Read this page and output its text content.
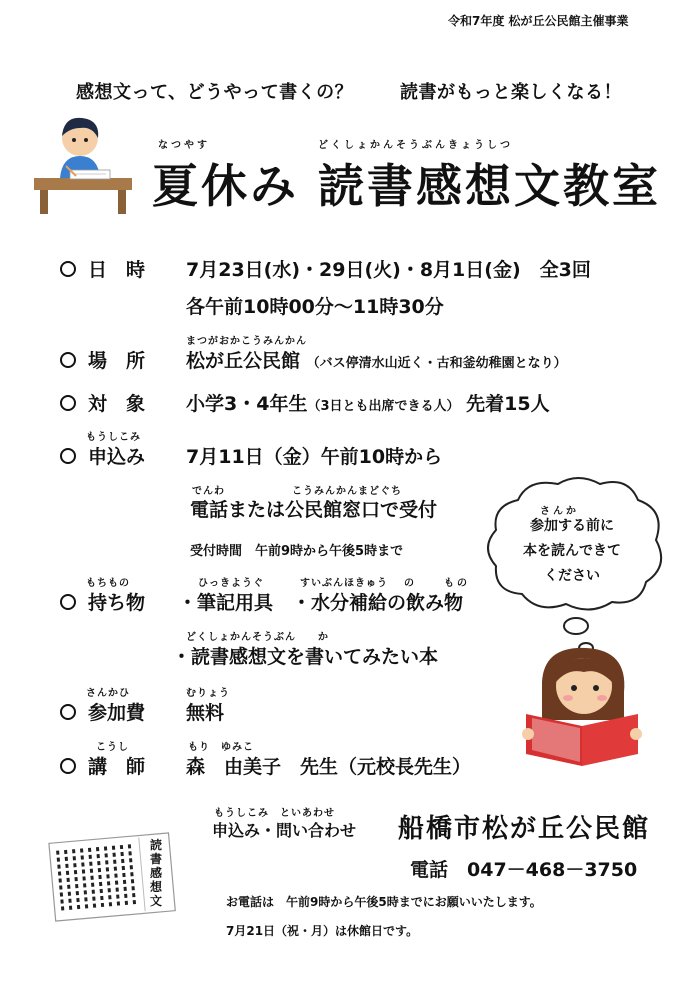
令和7年度 松が丘公民館主催事業
感想文って、どうやって書くの？	読書がもっと楽しくなる！
なつやす	どくしょかんそうぶんきょうしつ
夏休み 読書感想文教室
日　時 7月23日(水)・29日(火)・8月1日(金)　全3回
各午前10時00分～11時30分
まつがおかこうみんかん
場　所 松が丘公民館 （バス停清水山近く・古和釜幼稚園となり）
対　象 小学3・4年生（3日とも出席できる人） 先着15人
もうしこみ
申込み 7月11日（金）午前10時から
でんわ	こうみんかんまどぐち
電話または公民館窓口で受付
受付時間　午前9時から午後5時まで
もちもの
持ち物
ひっきようぐ	すいぶんほきゅう の	もの
・筆記用具　・水分補給の飲み物
どくしょかんそうぶん か
・読書感想文を書いてみたい本
さんかひ	むりょう
参加費 無料
こうし	もり　ゆみこ
講　師 森　由美子　先生（元校長先生）
さんか
参加する前に
本を読んできて
ください
読書感想文
もうしこみ　といあわせ
申込み・問い合わせ 船橋市松が丘公民館
電話　047－468－3750
お電話は　午前9時から午後5時までにお願いいたします。
7月21日（祝・月）は休館日です。
